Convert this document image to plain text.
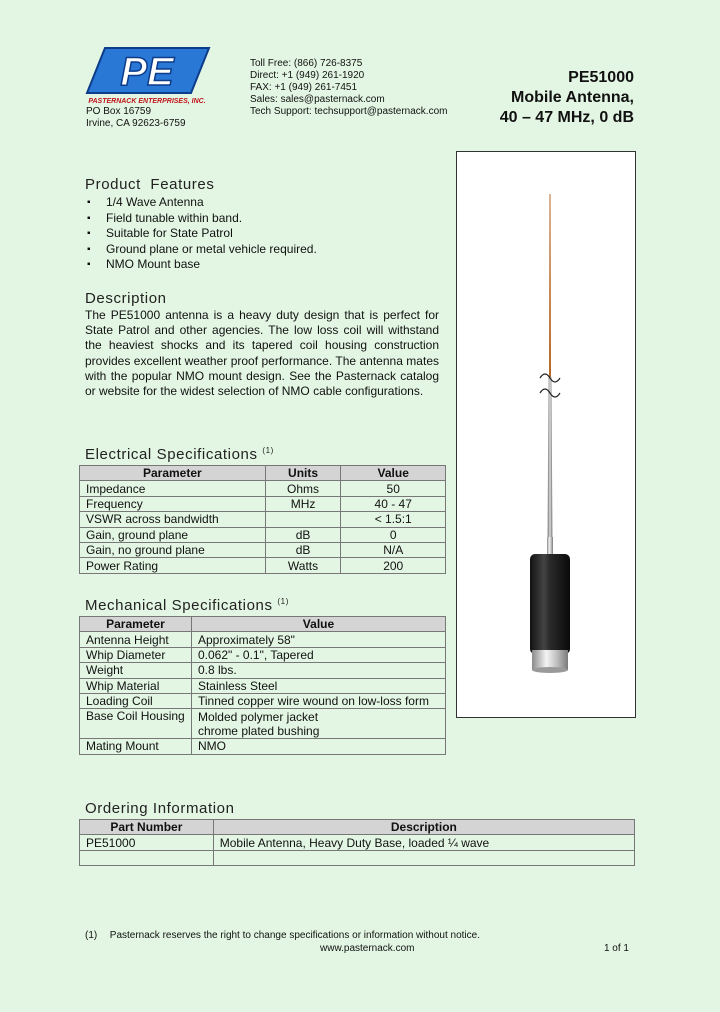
PE
PASTERNACK ENTERPRISES, INC.
PO Box 16759
Irvine, CA 92623-6759
Toll Free: (866) 726-8375
Direct: +1 (949) 261-1920
FAX: +1 (949) 261-7451
Sales: sales@pasternack.com
Tech Support: techsupport@pasternack.com
PE51000
Mobile Antenna,
40 – 47 MHz, 0 dB
Product  Features
▪ 1/4 Wave Antenna
▪ Field tunable within band.
▪ Suitable for State Patrol
▪ Ground plane or metal vehicle required.
▪ NMO Mount base
Description
The PE51000 antenna is a heavy duty design that is perfect for State Patrol and other agencies. The low loss coil will withstand the heaviest shocks and its tapered coil housing construction provides excellent weather proof performance. The antenna mates with the popular NMO mount design. See the Pasternack catalog or website for the widest selection of NMO cable configurations.
Electrical Specifications $^{(1)}$
Parameter	Units	Value
Impedance	Ohms	50
Frequency	MHz	40 - 47
VSWR across bandwidth		< 1.5:1
Gain, ground plane	dB	0
Gain, no ground plane	dB	N/A
Power Rating	Watts	200
Mechanical Specifications $^{(1)}$
Parameter	Value
Antenna Height	Approximately 58"
Whip Diameter	0.062" - 0.1", Tapered
Weight	0.8 lbs.
Whip Material	Stainless Steel
Loading Coil	Tinned copper wire wound on low-loss form
Base Coil Housing	Molded polymer jacket
	chrome plated bushing
Mating Mount	NMO
Ordering Information
Part Number	Description
PE51000	Mobile Antenna, Heavy Duty Base, loaded ¼ wave

(1) Pasternack reserves the right to change specifications or information without notice.
www.pasternack.com	1 of 1
